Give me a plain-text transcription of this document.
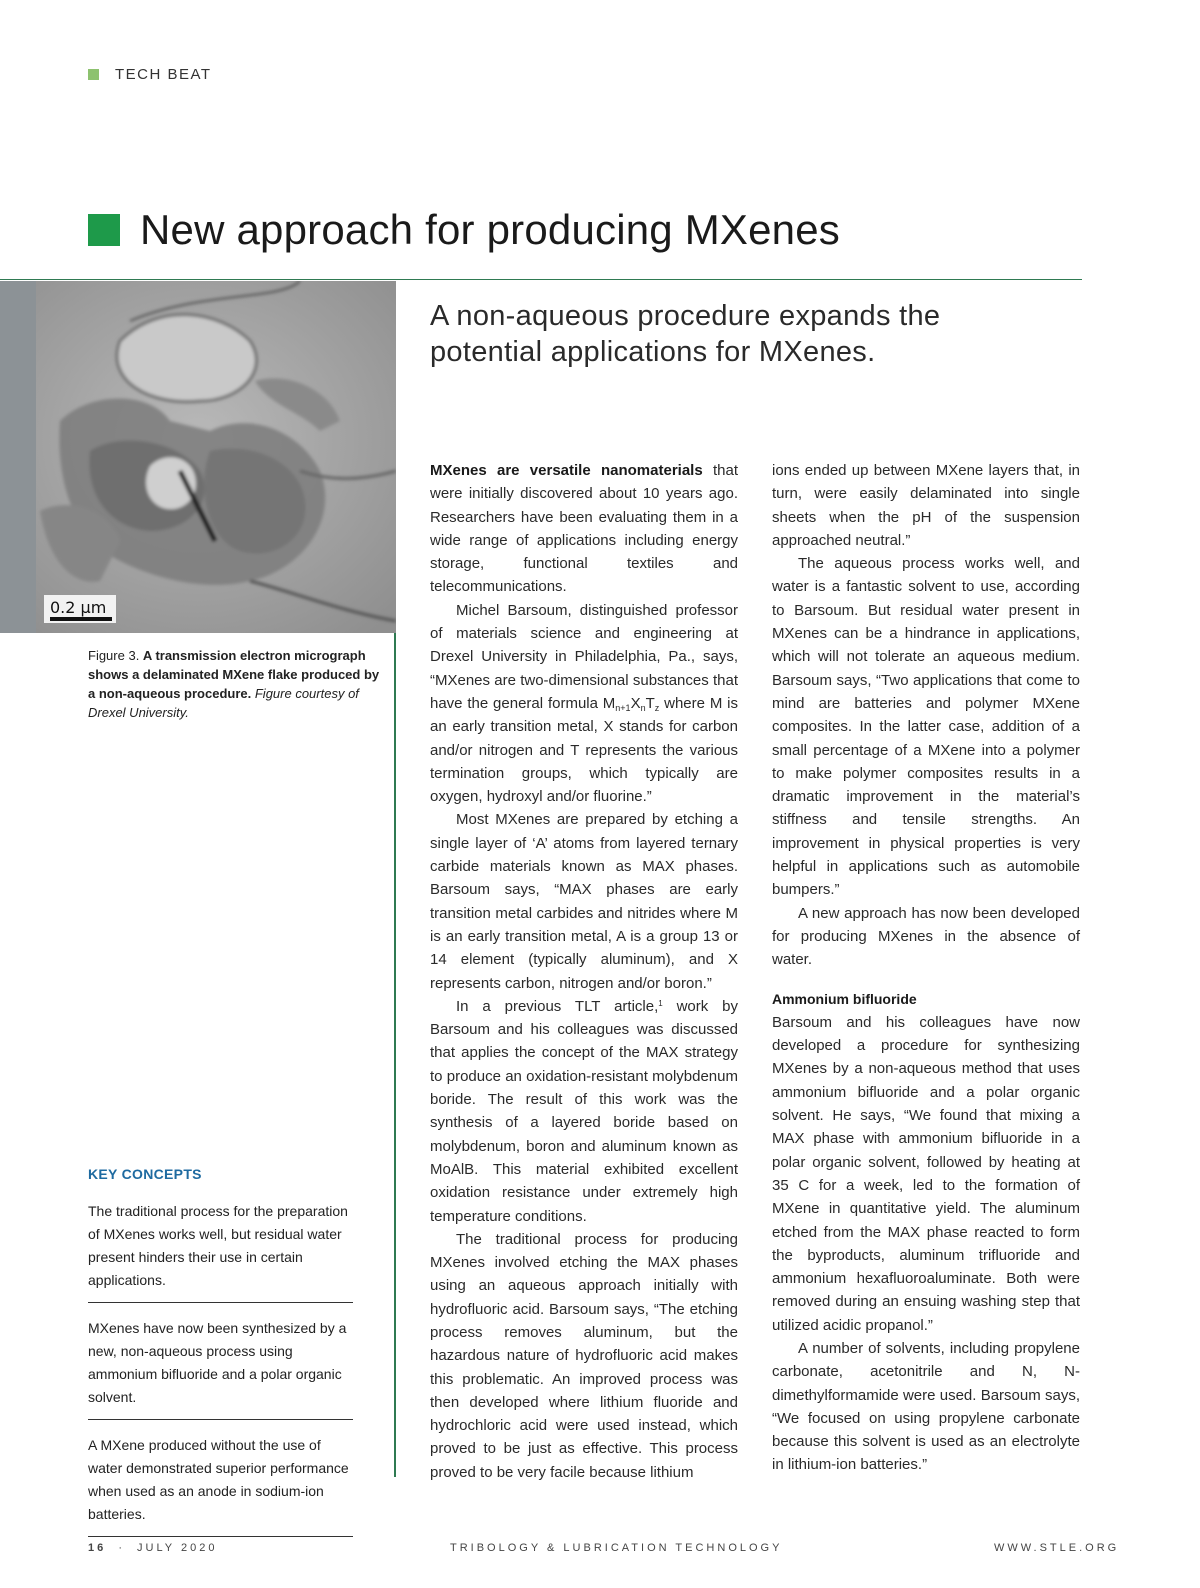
TECH BEAT
New approach for producing MXenes
0.2 µm
Figure 3. A transmission electron micrograph shows a delaminated MXene flake produced by a non-aqueous procedure. Figure courtesy of Drexel University.
A non-aqueous procedure expands the potential applications for MXenes.

MXenes are versatile nanomaterials that were initially discovered about 10 years ago. Researchers have been evaluating them in a wide range of applications including energy storage, functional textiles and telecommunications.

Michel Barsoum, distinguished professor of materials science and engineering at Drexel University in Philadelphia, Pa., says, “MXenes are two-dimensional substances that have the general formula $M_{n+1}X_nT_z$ where M is an early transition metal, X stands for carbon and/or nitrogen and T represents the various termination groups, which typically are oxygen, hydroxyl and/or fluorine.”

Most MXenes are prepared by etching a single layer of ‘A’ atoms from layered ternary carbide materials known as MAX phases. Barsoum says, “MAX phases are early transition metal carbides and nitrides where M is an early transition metal, A is a group 13 or 14 element (typically aluminum), and X represents carbon, nitrogen and/or boron.”

In a previous TLT article,$^1$ work by Barsoum and his colleagues was discussed that applies the concept of the MAX strategy to produce an oxidation-resistant molybdenum boride. The result of this work was the synthesis of a layered boride based on molybdenum, boron and aluminum known as MoAlB. This material exhibited excellent oxidation resistance under extremely high temperature conditions.

The traditional process for producing MXenes involved etching the MAX phases using an aqueous approach initially with hydrofluoric acid. Barsoum says, “The etching process removes aluminum, but the hazardous nature of hydrofluoric acid makes this problematic. An improved process was then developed where lithium fluoride and hydrochloric acid were used instead, which proved to be just as effective. This process proved to be very facile because lithium

ions ended up between MXene layers that, in turn, were easily delaminated into single sheets when the pH of the suspension approached neutral.”

The aqueous process works well, and water is a fantastic solvent to use, according to Barsoum. But residual water present in MXenes can be a hindrance in applications, which will not tolerate an aqueous medium. Barsoum says, “Two applications that come to mind are batteries and polymer MXene composites. In the latter case, addition of a small percentage of a MXene into a polymer to make polymer composites results in a dramatic improvement in the material’s stiffness and tensile strengths. An improvement in physical properties is very helpful in applications such as automobile bumpers.”

A new approach has now been developed for producing MXenes in the absence of water.

Ammonium bifluoride

Barsoum and his colleagues have now developed a procedure for synthesizing MXenes by a non-aqueous method that uses ammonium bifluoride and a polar organic solvent. He says, “We found that mixing a MAX phase with ammonium bifluoride in a polar organic solvent, followed by heating at 35 C for a week, led to the formation of MXene in quantitative yield. The aluminum etched from the MAX phase reacted to form the byproducts, aluminum trifluoride and ammonium hexafluoroaluminate. Both were removed during an ensuing washing step that utilized acidic propanol.”

A number of solvents, including propylene carbonate, acetonitrile and N, N-dimethylformamide were used. Barsoum says, “We focused on using propylene carbonate because this solvent is used as an electrolyte in lithium-ion batteries.”

KEY CONCEPTS
The traditional process for the preparation of MXenes works well, but residual water present hinders their use in certain applications.
MXenes have now been synthesized by a new, non-aqueous process using ammonium bifluoride and a polar organic solvent.
A MXene produced without the use of water demonstrated superior performance when used as an anode in sodium-ion batteries.
16 · JULY 2020	TRIBOLOGY & LUBRICATION TECHNOLOGY	WWW.STLE.ORG
